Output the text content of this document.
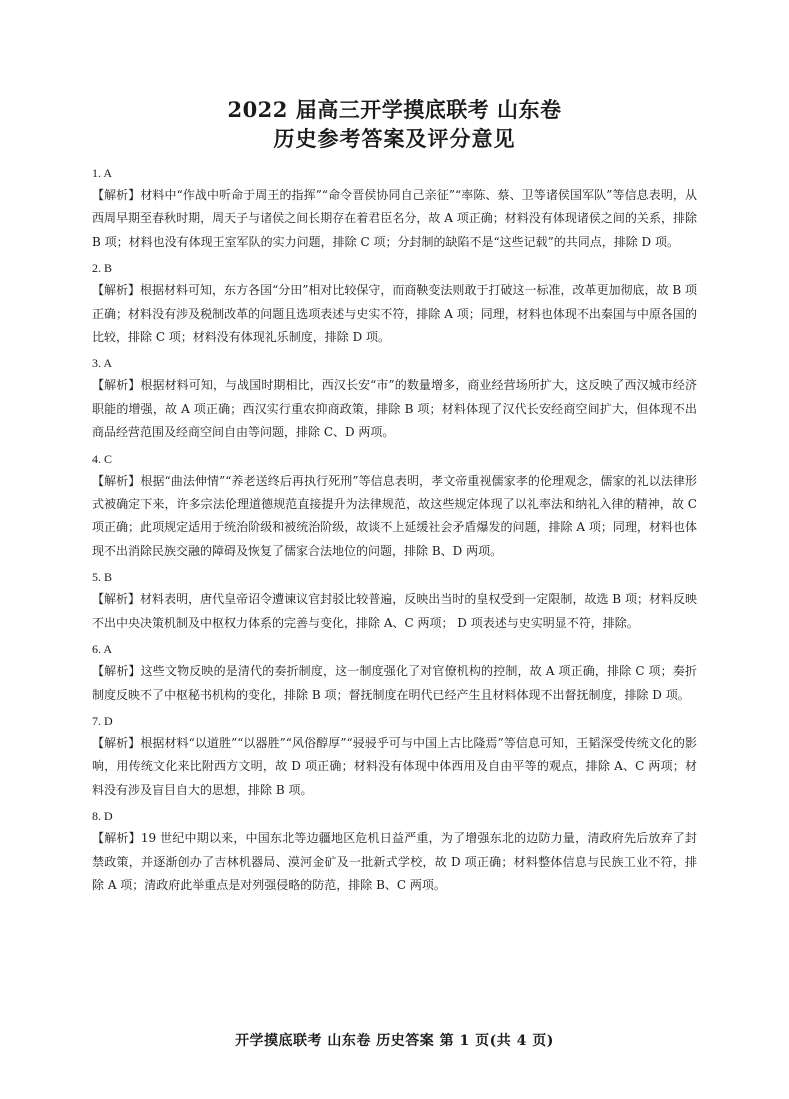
2022 届高三开学摸底联考 山东卷
历史参考答案及评分意见
1. A
【解析】材料中“作战中听命于周王的指挥”“命令晋侯协同自己亲征”“率陈、蔡、卫等诸侯国军队”等信息表明，从西周早期至春秋时期，周天子与诸侯之间长期存在着君臣名分，故 A 项正确；材料没有体现诸侯之间的关系，排除 B 项；材料也没有体现王室军队的实力问题，排除 C 项；分封制的缺陷不是“这些记载”的共同点，排除 D 项。
2. B
【解析】根据材料可知，东方各国“分田”相对比较保守，而商鞅变法则敢于打破这一标准，改革更加彻底，故 B 项正确；材料没有涉及税制改革的问题且选项表述与史实不符，排除 A 项；同理，材料也体现不出秦国与中原各国的比较，排除 C 项；材料没有体现礼乐制度，排除 D 项。
3. A
【解析】根据材料可知，与战国时期相比，西汉长安“市”的数量增多，商业经营场所扩大，这反映了西汉城市经济职能的增强，故 A 项正确；西汉实行重农抑商政策，排除 B 项；材料体现了汉代长安经商空间扩大，但体现不出商品经营范围及经商空间自由等问题，排除 C、D 两项。
4. C
【解析】根据“曲法伸情”“养老送终后再执行死刑”等信息表明，孝文帝重视儒家孝的伦理观念，儒家的礼以法律形式被确定下来，许多宗法伦理道德规范直接提升为法律规范，故这些规定体现了以礼率法和纳礼入律的精神，故 C 项正确；此项规定适用于统治阶级和被统治阶级，故谈不上延缓社会矛盾爆发的问题，排除 A 项；同理，材料也体现不出消除民族交融的障碍及恢复了儒家合法地位的问题，排除 B、D 两项。
5. B
【解析】材料表明，唐代皇帝诏令遭谏议官封驳比较普遍，反映出当时的皇权受到一定限制，故选 B 项；材料反映不出中央决策机制及中枢权力体系的完善与变化，排除 A、C 两项； D 项表述与史实明显不符，排除。
6. A
【解析】这些文物反映的是清代的奏折制度，这一制度强化了对官僚机构的控制，故 A 项正确，排除 C 项；奏折制度反映不了中枢秘书机构的变化，排除 B 项；督抚制度在明代已经产生且材料体现不出督抚制度，排除 D 项。
7. D
【解析】根据材料“以道胜”“以器胜”“风俗醇厚”“骎骎乎可与中国上古比隆焉”等信息可知，王韬深受传统文化的影响，用传统文化来比附西方文明，故 D 项正确；材料没有体现中体西用及自由平等的观点，排除 A、C 两项；材料没有涉及盲目自大的思想，排除 B 项。
8. D
【解析】19 世纪中期以来，中国东北等边疆地区危机日益严重，为了增强东北的边防力量，清政府先后放弃了封禁政策，并逐渐创办了吉林机器局、漠河金矿及一批新式学校，故 D 项正确；材料整体信息与民族工业不符，排除 A 项；清政府此举重点是对列强侵略的防范，排除 B、C 两项。
开学摸底联考 山东卷 历史答案 第 1 页(共 4 页)
